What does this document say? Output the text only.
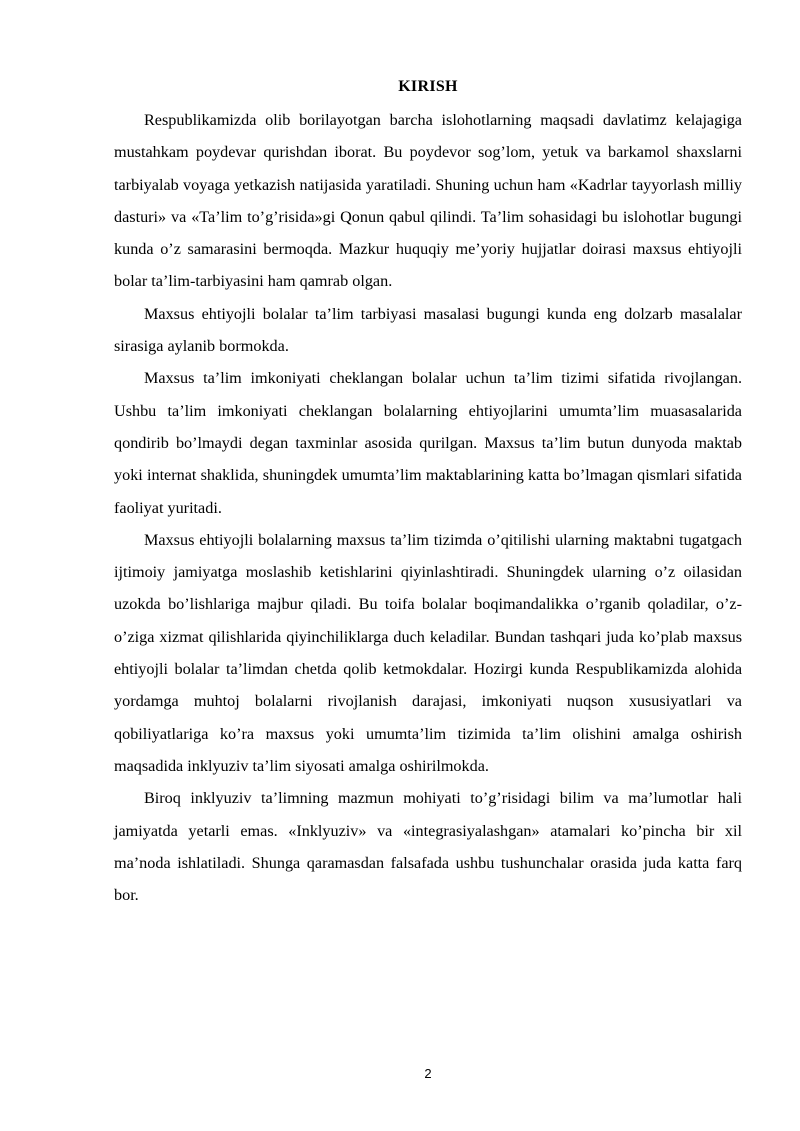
KIRISH

Respublikamizda olib borilayotgan barcha islohotlarning maqsadi davlatimz kelajagiga mustahkam poydevar qurishdan iborat. Bu poydevor sog’lom, yetuk va barkamol shaxslarni tarbiyalab voyaga yetkazish natijasida yaratiladi. Shuning uchun ham «Kadrlar tayyorlash milliy dasturi» va «Ta’lim to’g’risida»gi Qonun qabul qilindi. Ta’lim sohasidagi bu islohotlar bugungi kunda o’z samarasini bermoqda. Mazkur huquqiy me’yoriy hujjatlar doirasi maxsus ehtiyojli bolar ta’lim-tarbiyasini ham qamrab olgan.

Maxsus ehtiyojli bolalar ta’lim tarbiyasi masalasi bugungi kunda eng dolzarb masalalar sirasiga aylanib bormokda.

Maxsus ta’lim imkoniyati cheklangan bolalar uchun ta’lim tizimi sifatida rivojlangan. Ushbu ta’lim imkoniyati cheklangan bolalarning ehtiyojlarini umumta’lim muasasalarida qondirib bo’lmaydi degan taxminlar asosida qurilgan. Maxsus ta’lim butun dunyoda maktab yoki internat shaklida, shuningdek umumta’lim maktablarining katta bo’lmagan qismlari sifatida faoliyat yuritadi.

Maxsus ehtiyojli bolalarning maxsus ta’lim tizimda o’qitilishi ularning maktabni tugatgach ijtimoiy jamiyatga moslashib ketishlarini qiyinlashtiradi. Shuningdek ularning o’z oilasidan uzokda bo’lishlariga majbur qiladi. Bu toifa bolalar boqimandalikka o’rganib qoladilar, o’z-o’ziga xizmat qilishlarida qiyinchiliklarga duch keladilar. Bundan tashqari juda ko’plab maxsus ehtiyojli bolalar ta’limdan chetda qolib ketmokdalar. Hozirgi kunda Respublikamizda alohida yordamga muhtoj bolalarni rivojlanish darajasi, imkoniyati nuqson xususiyatlari va qobiliyatlariga ko’ra maxsus yoki umumta’lim tizimida ta’lim olishini amalga oshirish maqsadida inklyuziv ta’lim siyosati amalga oshirilmokda.

Biroq inklyuziv ta’limning mazmun mohiyati to’g’risidagi bilim va ma’lumotlar hali jamiyatda yetarli emas. «Inklyuziv» va «integrasiyalashgan» atamalari ko’pincha bir xil ma’noda ishlatiladi. Shunga qaramasdan falsafada ushbu tushunchalar orasida juda katta farq bor.

2
